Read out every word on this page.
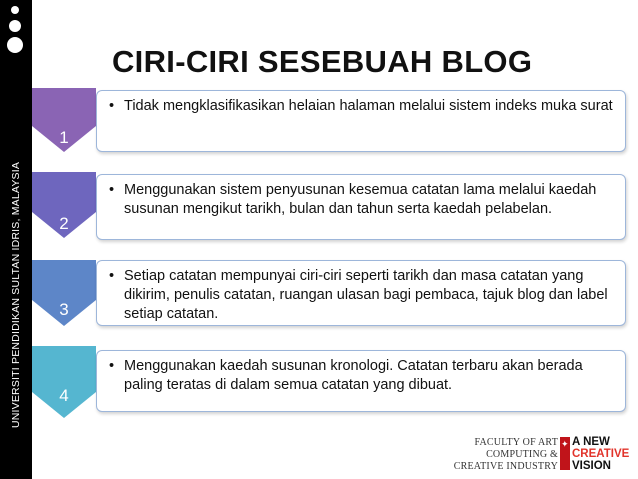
UNIVERSITI PENDIDIKAN SULTAN IDRIS, MALAYSIA
CIRI-CIRI SESEBUAH BLOG
1
2
3
4
• Tidak mengklasifikasikan helaian halaman melalui sistem indeks muka surat
• Menggunakan sistem penyusunan kesemua catatan lama melalui kaedah susunan mengikut tarikh, bulan dan tahun serta kaedah pelabelan.
• Setiap catatan mempunyai ciri-ciri seperti tarikh dan masa catatan yang dikirim, penulis catatan, ruangan ulasan bagi pembaca, tajuk blog dan label setiap catatan.
• Menggunakan kaedah susunan kronologi. Catatan terbaru akan berada paling teratas di dalam semua catatan yang dibuat.
FACULTY OF ART
COMPUTING &
CREATIVE INDUSTRY
✦ A NEW
CREATIVE
VISION
